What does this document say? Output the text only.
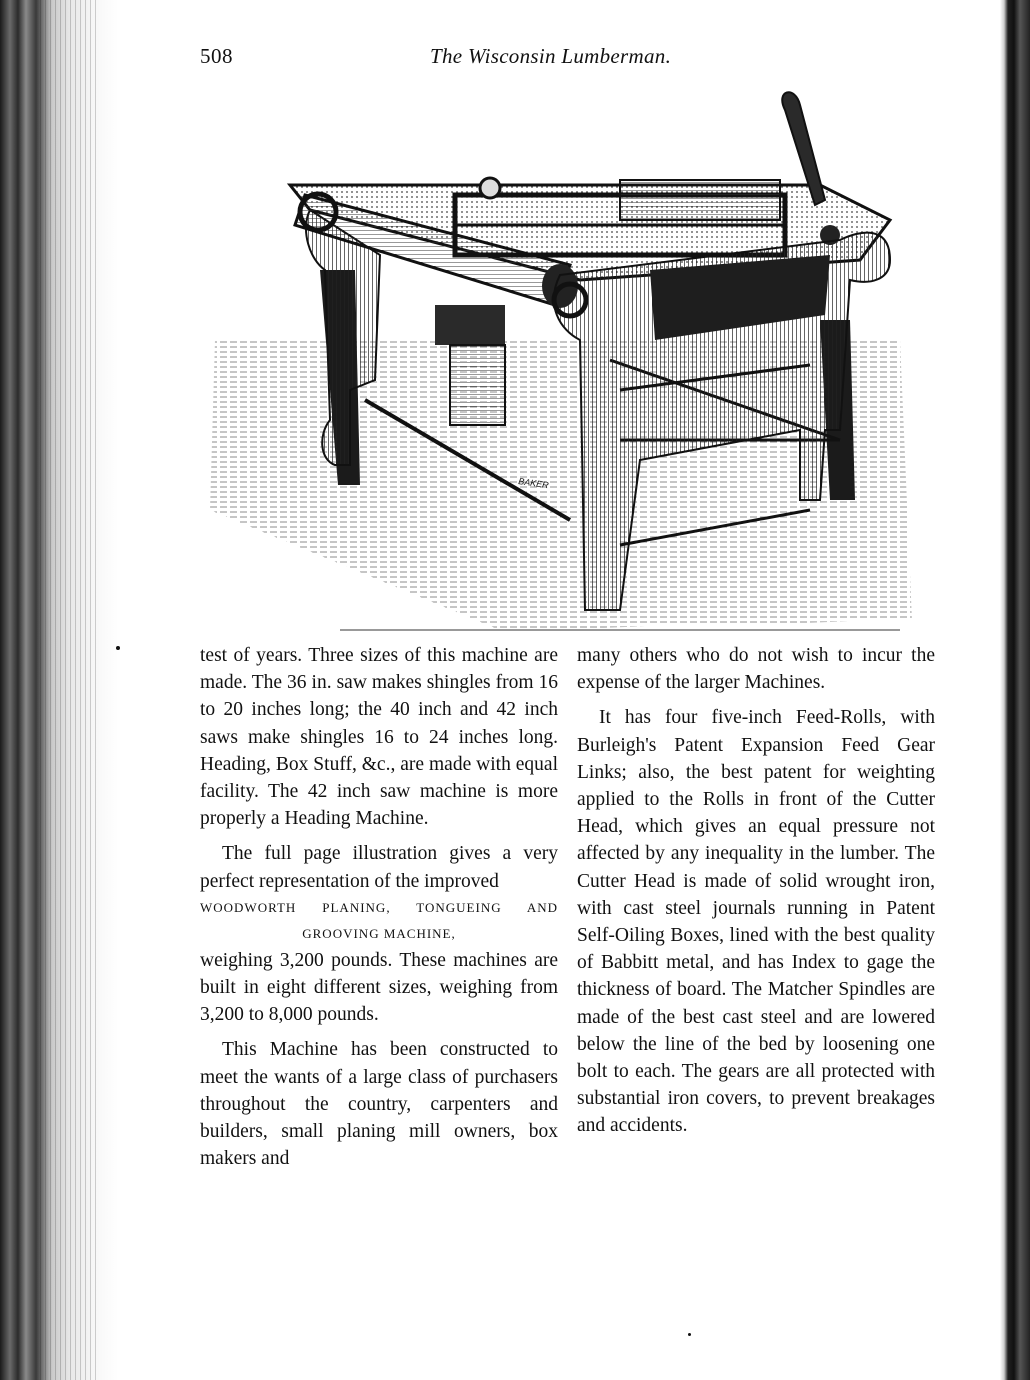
508	The Wisconsin Lumberman.
BAKER

test of years. Three sizes of this machine are made. The 36 in. saw makes shingles from 16 to 20 inches long; the 40 inch and 42 inch saws make shingles 16 to 24 inches long. Heading, Box Stuff, &c., are made with equal facility. The 42 inch saw machine is more properly a Heading Machine.

The full page illustration gives a very perfect representation of the improved

WOODWORTH PLANING, TONGUEING AND
GROOVING MACHINE,

weighing 3,200 pounds. These machines are built in eight different sizes, weighing from 3,200 to 8,000 pounds.

This Machine has been constructed to meet the wants of a large class of purchasers throughout the country, carpenters and builders, small planing mill owners, box makers and

many others who do not wish to incur the expense of the larger Machines.

It has four five-inch Feed-Rolls, with Burleigh's Patent Expansion Feed Gear Links; also, the best patent for weighting applied to the Rolls in front of the Cutter Head, which gives an equal pressure not affected by any inequality in the lumber. The Cutter Head is made of solid wrought iron, with cast steel journals running in Patent Self-Oiling Boxes, lined with the best quality of Babbitt metal, and has Index to gage the thickness of board. The Matcher Spindles are made of the best cast steel and are lowered below the line of the bed by loosening one bolt to each. The gears are all protected with substantial iron covers, to prevent breakages and accidents.
